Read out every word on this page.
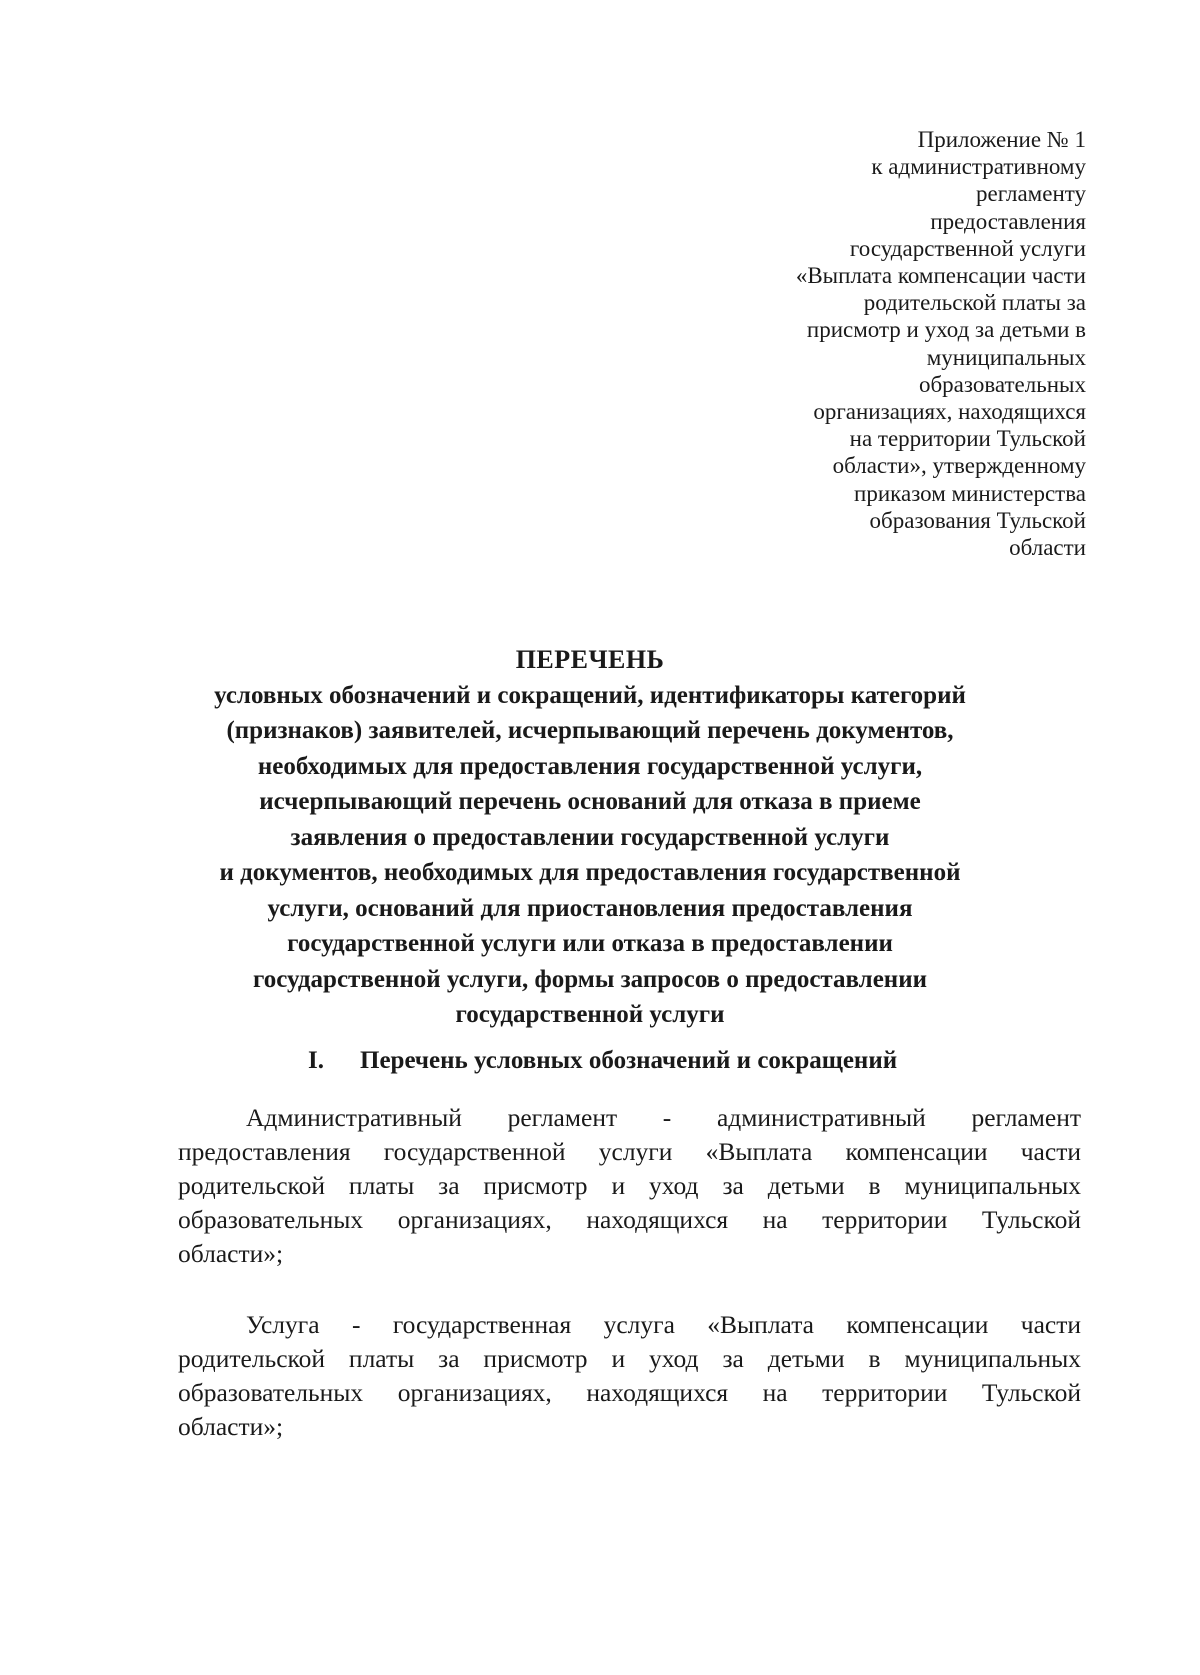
Приложение № 1
к административному
регламенту
предоставления
государственной услуги
«Выплата компенсации части
родительской платы за
присмотр и уход за детьми в
муниципальных
образовательных
организациях, находящихся
на территории Тульской
области», утвержденному
приказом министерства
образования Тульской
области
ПЕРЕЧЕНЬ
условных обозначений и сокращений, идентификаторы категорий
(признаков) заявителей, исчерпывающий перечень документов,
необходимых для предоставления государственной услуги,
исчерпывающий перечень оснований для отказа в приеме
заявления о предоставлении государственной услуги
и документов, необходимых для предоставления государственной
услуги, оснований для приостановления предоставления
государственной услуги или отказа в предоставлении
государственной услуги, формы запросов о предоставлении
государственной услуги
I. Перечень условных обозначений и сокращений
Административный регламент - административный регламент
предоставления государственной услуги «Выплата компенсации части
родительской платы за присмотр и уход за детьми в муниципальных
образовательных организациях, находящихся на территории Тульской
области»;
Услуга - государственная услуга «Выплата компенсации части
родительской платы за присмотр и уход за детьми в муниципальных
образовательных организациях, находящихся на территории Тульской
области»;
